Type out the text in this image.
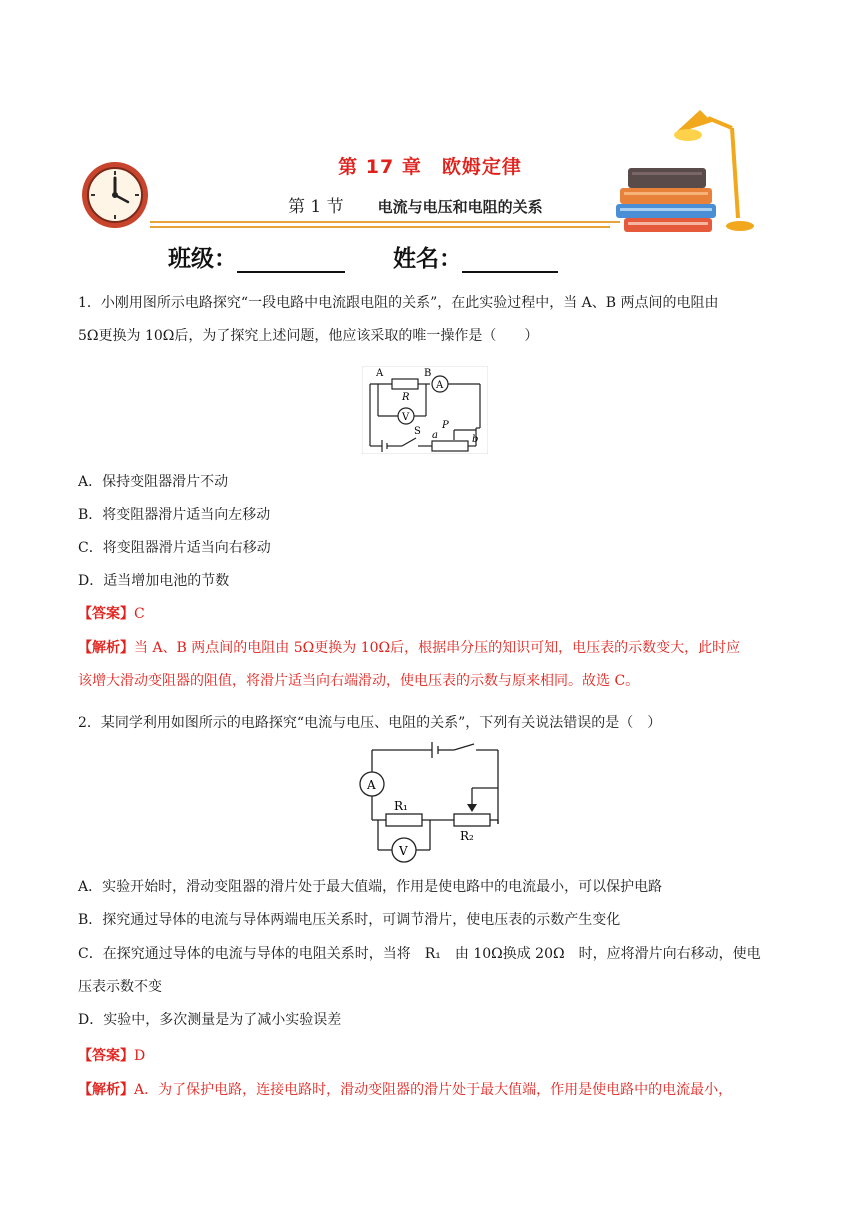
第 17 章　欧姆定律
第 1 节 电流与电压和电阻的关系
班级：	姓名：
1．小刚用图所示电路探究“一段电路中电流跟电阻的关系”，在此实验过程中，当 A、B 两点间的电阻由
5Ω更换为 10Ω后，为了探究上述问题，他应该采取的唯一操作是（　　）
A	B
R
A
V
S
P
a	b
A．保持变阻器滑片不动
B．将变阻器滑片适当向左移动
C．将变阻器滑片适当向右移动
D．适当增加电池的节数
【答案】C
【解析】当 A、B 两点间的电阻由 5Ω更换为 10Ω后，根据串分压的知识可知，电压表的示数变大，此时应
该增大滑动变阻器的阻值，将滑片适当向右端滑动，使电压表的示数与原来相同。故选 C。
2．某同学利用如图所示的电路探究“电流与电压、电阻的关系”，下列有关说法错误的是（　）
A
V
R₁
R₂
A．实验开始时，滑动变阻器的滑片处于最大值端，作用是使电路中的电流最小，可以保护电路
B．探究通过导体的电流与导体两端电压关系时，可调节滑片，使电压表的示数产生变化
C．在探究通过导体的电流与导体的电阻关系时，当将　R₁　由 10Ω换成 20Ω　时，应将滑片向右移动，使电
压表示数不变
D．实验中，多次测量是为了减小实验误差
【答案】D
【解析】A．为了保护电路，连接电路时，滑动变阻器的滑片处于最大值端，作用是使电路中的电流最小，
